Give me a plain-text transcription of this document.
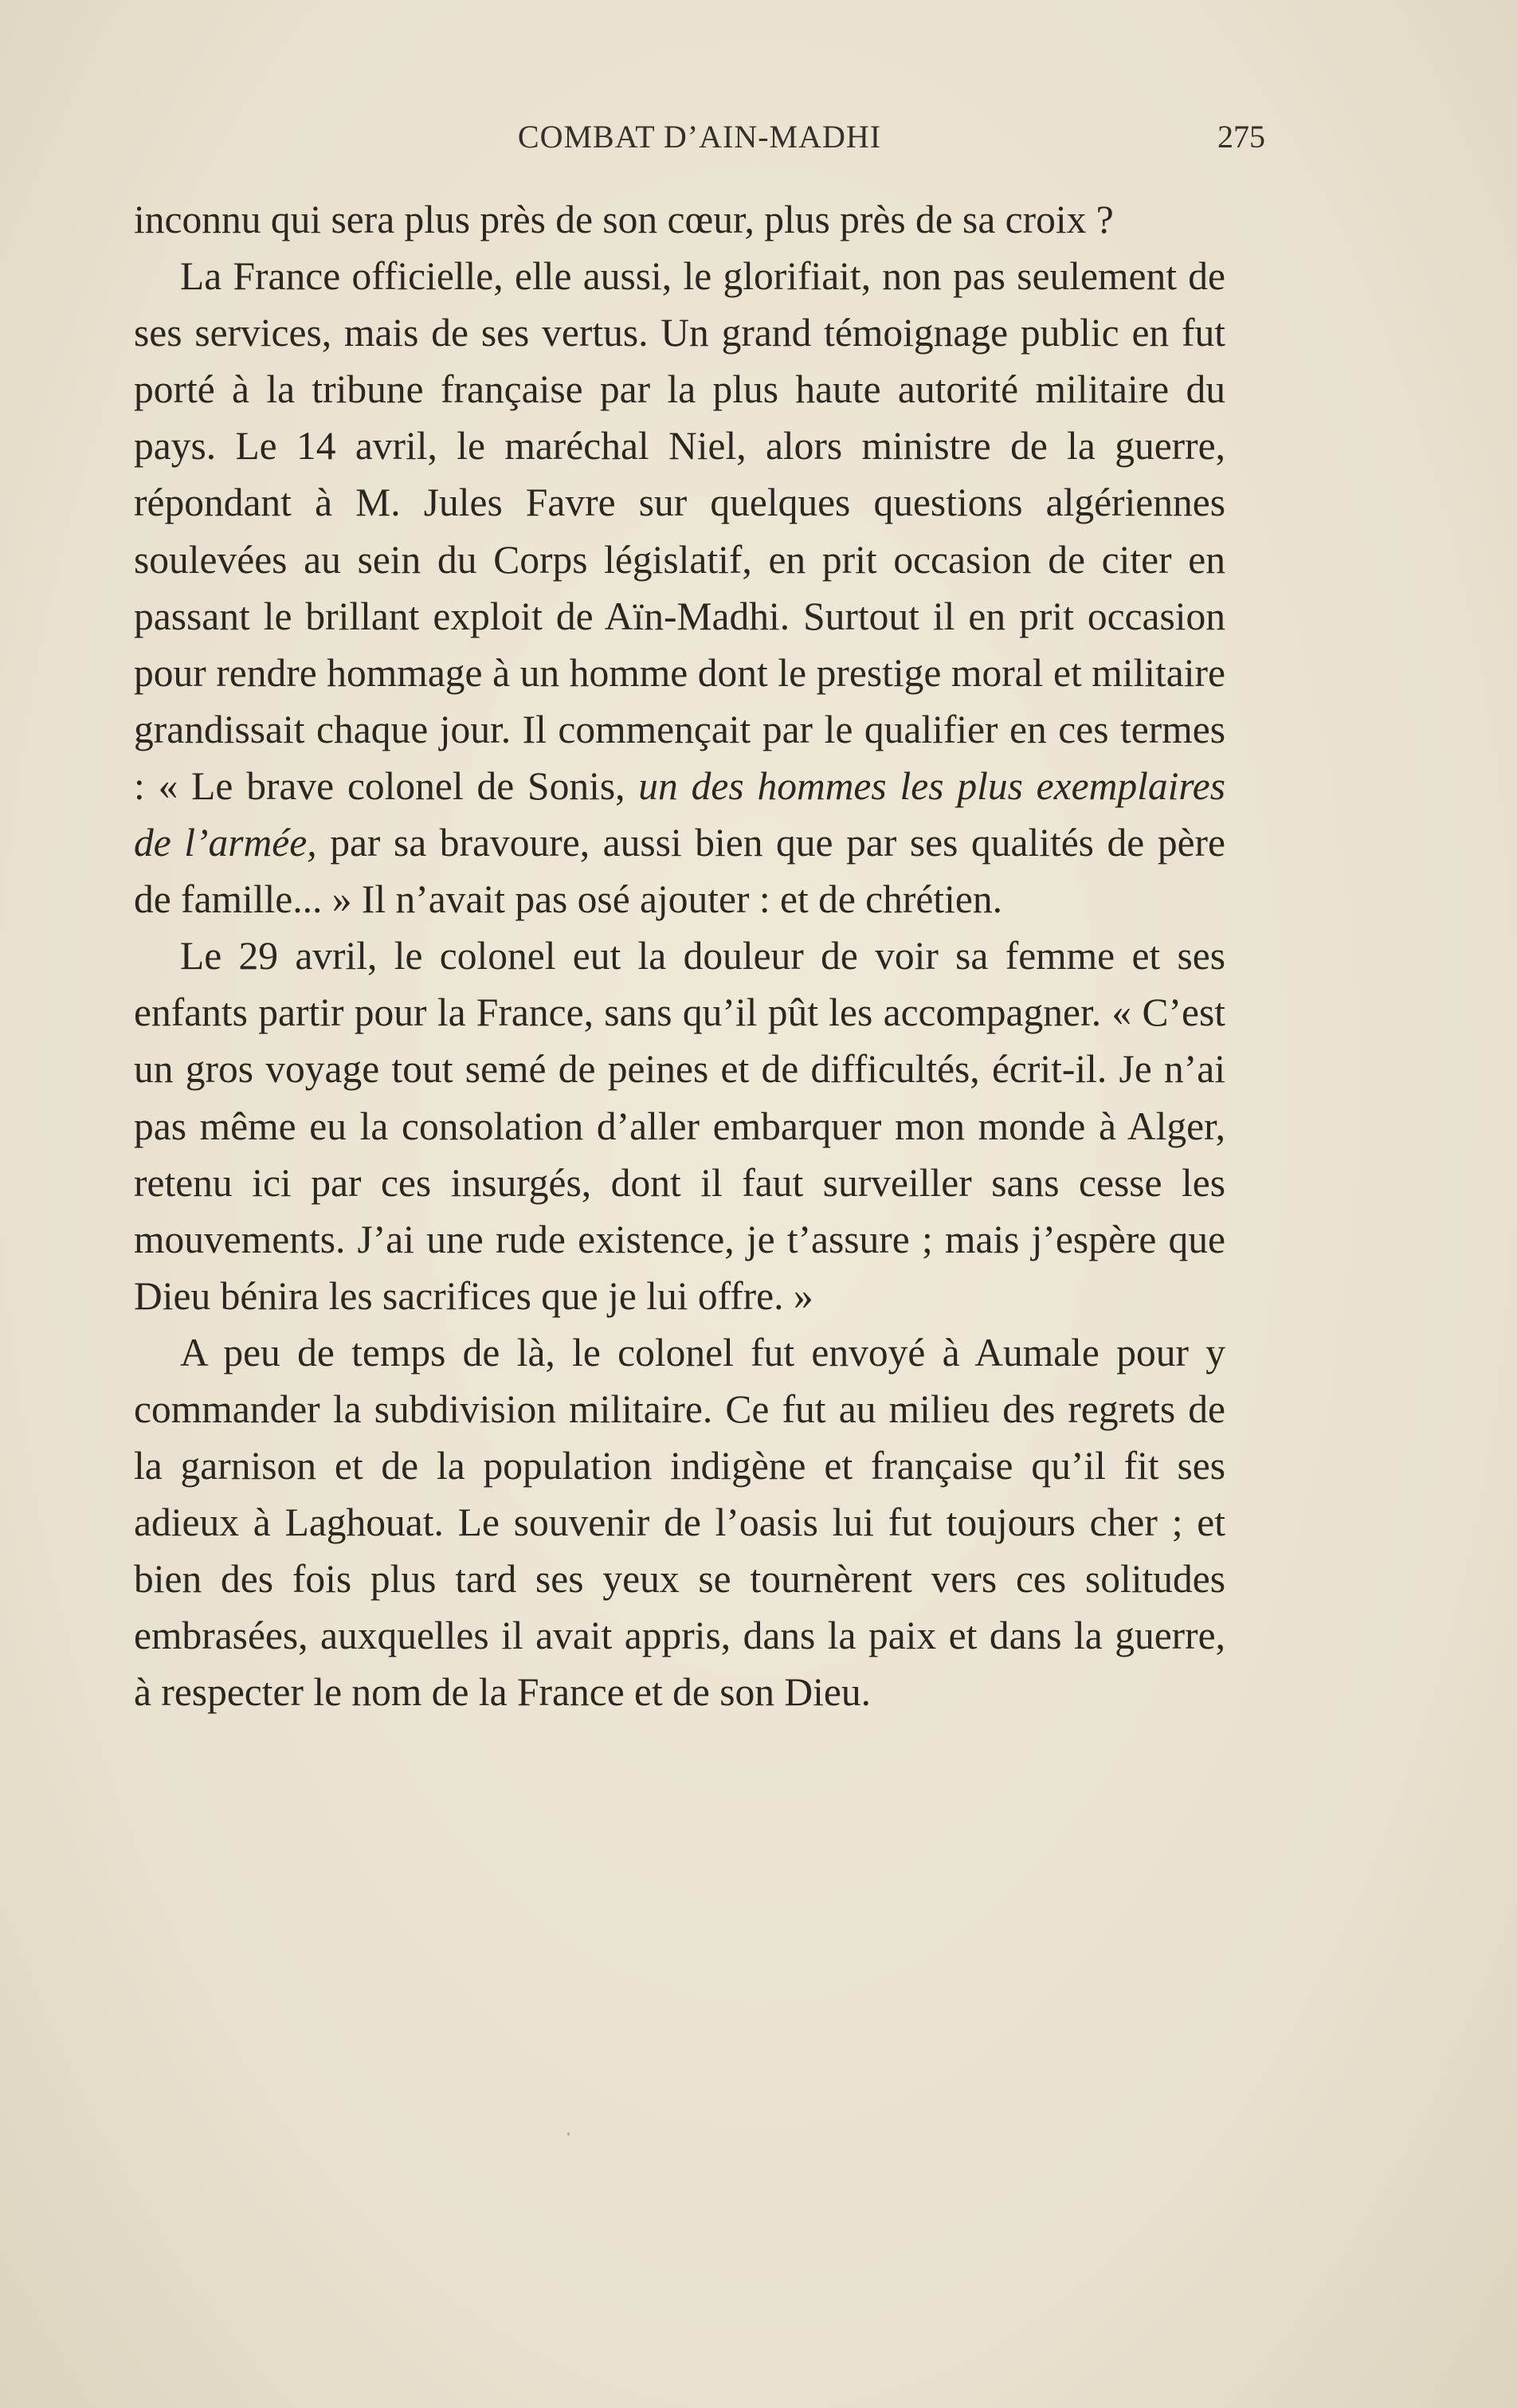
COMBAT D’AIN-MADHI	275

inconnu qui sera plus près de son cœur, plus près de sa croix ?

La France officielle, elle aussi, le glorifiait, non pas seulement de ses services, mais de ses vertus. Un grand témoignage public en fut porté à la tribune française par la plus haute autorité militaire du pays. Le 14 avril, le maréchal Niel, alors ministre de la guerre, répondant à M. Jules Favre sur quelques questions algériennes soulevées au sein du Corps législatif, en prit occasion de citer en passant le brillant exploit de Aïn-Madhi. Surtout il en prit occasion pour rendre hommage à un homme dont le prestige moral et militaire grandissait chaque jour. Il commençait par le qualifier en ces termes : « Le brave colonel de Sonis, un des hommes les plus exemplaires de l’armée, par sa bravoure, aussi bien que par ses qualités de père de famille... » Il n’avait pas osé ajouter : et de chrétien.

Le 29 avril, le colonel eut la douleur de voir sa femme et ses enfants partir pour la France, sans qu’il pût les accompagner. « C’est un gros voyage tout semé de peines et de difficultés, écrit-il. Je n’ai pas même eu la consolation d’aller embarquer mon monde à Alger, retenu ici par ces insurgés, dont il faut surveiller sans cesse les mouvements. J’ai une rude existence, je t’assure ; mais j’espère que Dieu bénira les sacrifices que je lui offre. »

A peu de temps de là, le colonel fut envoyé à Aumale pour y commander la subdivision militaire. Ce fut au milieu des regrets de la garnison et de la population indigène et française qu’il fit ses adieux à Laghouat. Le souvenir de l’oasis lui fut toujours cher ; et bien des fois plus tard ses yeux se tournèrent vers ces solitudes embrasées, auxquelles il avait appris, dans la paix et dans la guerre, à respecter le nom de la France et de son Dieu.
